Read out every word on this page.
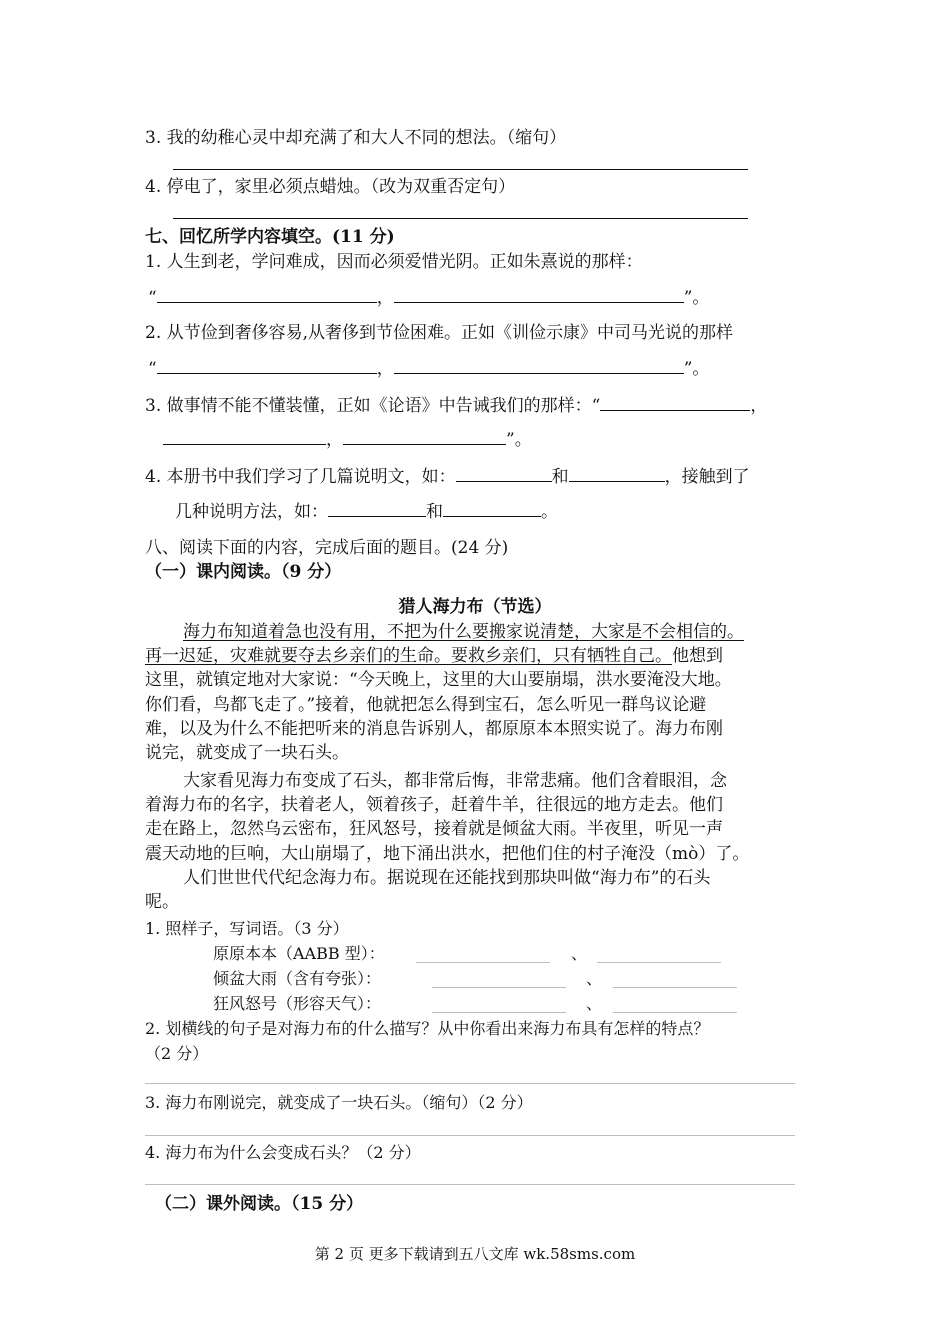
3. 我的幼稚心灵中却充满了和大人不同的想法。（缩句）
4. 停电了，家里必须点蜡烛。（改为双重否定句）
七、回忆所学内容填空。(11 分)
1. 人生到老，学问难成，因而必须爱惜光阴。正如朱熹说的那样：
“	，	”。
2. 从节俭到奢侈容易,从奢侈到节俭困难。正如《训俭示康》中司马光说的那样
“	，	”。
3. 做事情不能不懂装懂，正如《论语》中告诫我们的那样：“	，
，	”。
4. 本册书中我们学习了几篇说明文，如：	和	，接触到了
几种说明方法，如：	和	。
八、阅读下面的内容，完成后面的题目。(24 分)
（一）课内阅读。（9 分）
猎人海力布（节选）
海力布知道着急也没有用，不把为什么要搬家说清楚，大家是不会相信的。
再一迟延，灾难就要夺去乡亲们的生命。要救乡亲们，只有牺牲自己。他想到
这里，就镇定地对大家说：“今天晚上，这里的大山要崩塌，洪水要淹没大地。
你们看，鸟都飞走了。”接着，他就把怎么得到宝石，怎么听见一群鸟议论避
难，以及为什么不能把听来的消息告诉别人，都原原本本照实说了。海力布刚
说完，就变成了一块石头。
大家看见海力布变成了石头，都非常后悔，非常悲痛。他们含着眼泪，念
着海力布的名字，扶着老人，领着孩子，赶着牛羊，往很远的地方走去。他们
走在路上，忽然乌云密布，狂风怒号，接着就是倾盆大雨。半夜里，听见一声
震天动地的巨响，大山崩塌了，地下涌出洪水，把他们住的村子淹没（mò）了。
人们世世代代纪念海力布。据说现在还能找到那块叫做“海力布”的石头
呢。
1. 照样子，写词语。（3 分）
原原本本（AABB 型）：	、
倾盆大雨（含有夸张）：	、
狂风怒号（形容天气）：	、
2. 划横线的句子是对海力布的什么描写？从中你看出来海力布具有怎样的特点？
（2 分）
3. 海力布刚说完，就变成了一块石头。（缩句）（2 分）
4. 海力布为什么会变成石头？（2 分）
（二）课外阅读。（15 分）
第 2 页 更多下载请到五八文库 wk.58sms.com
